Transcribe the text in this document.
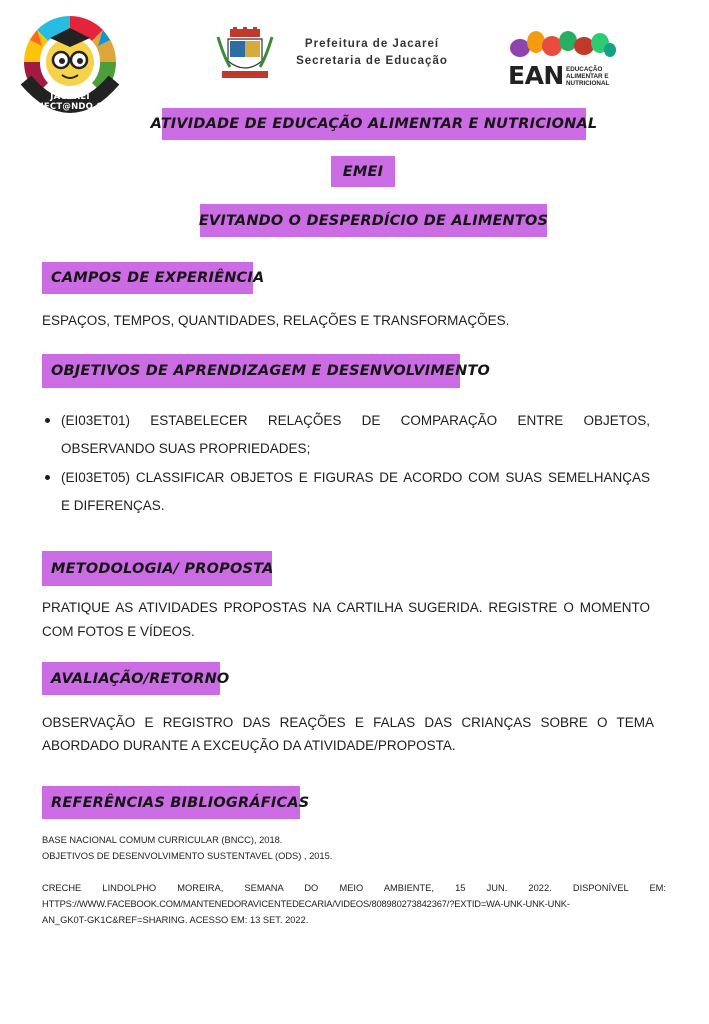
JACAREÍ CONECT@NDO ODS
Prefeitura de Jacareí
Secretaria de Educação	EAN EDUCAÇÃO
ALIMENTAR E
NUTRICIONAL
ATIVIDADE DE EDUCAÇÃO ALIMENTAR E NUTRICIONAL
EMEI
EVITANDO O DESPERDÍCIO DE ALIMENTOS
CAMPOS DE EXPERIÊNCIA
ESPAÇOS, TEMPOS, QUANTIDADES, RELAÇÕES E TRANSFORMAÇÕES.
OBJETIVOS DE APRENDIZAGEM E DESENVOLVIMENTO
(EI03ET01) ESTABELECER RELAÇÕES DE COMPARAÇÃO ENTRE OBJETOS,
OBSERVANDO SUAS PROPRIEDADES;
(EI03ET05) CLASSIFICAR OBJETOS E FIGURAS DE ACORDO COM SUAS SEMELHANÇAS
E DIFERENÇAS.
METODOLOGIA/ PROPOSTA
PRATIQUE AS ATIVIDADES PROPOSTAS NA CARTILHA SUGERIDA. REGISTRE O MOMENTO
COM FOTOS E VÍDEOS.
AVALIAÇÃO/RETORNO
OBSERVAÇÃO E REGISTRO DAS REAÇÕES E FALAS DAS CRIANÇAS SOBRE O TEMA
ABORDADO DURANTE A EXCEUÇÃO DA ATIVIDADE/PROPOSTA.
REFERÊNCIAS BIBLIOGRÁFICAS
BASE NACIONAL COMUM CURRICULAR (BNCC), 2018.
OBJETIVOS DE DESENVOLVIMENTO SUSTENTAVEL (ODS) , 2015.
CRECHE LINDOLPHO MOREIRA, SEMANA DO MEIO AMBIENTE, 15 JUN. 2022. DISPONÍVEL EM:
HTTPS://WWW.FACEBOOK.COM/MANTENEDORAVICENTEDECARIA/VIDEOS/808980273842367/?EXTID=WA-UNK-UNK-UNK-
AN_GK0T-GK1C&REF=SHARING. ACESSO EM: 13 SET. 2022.
